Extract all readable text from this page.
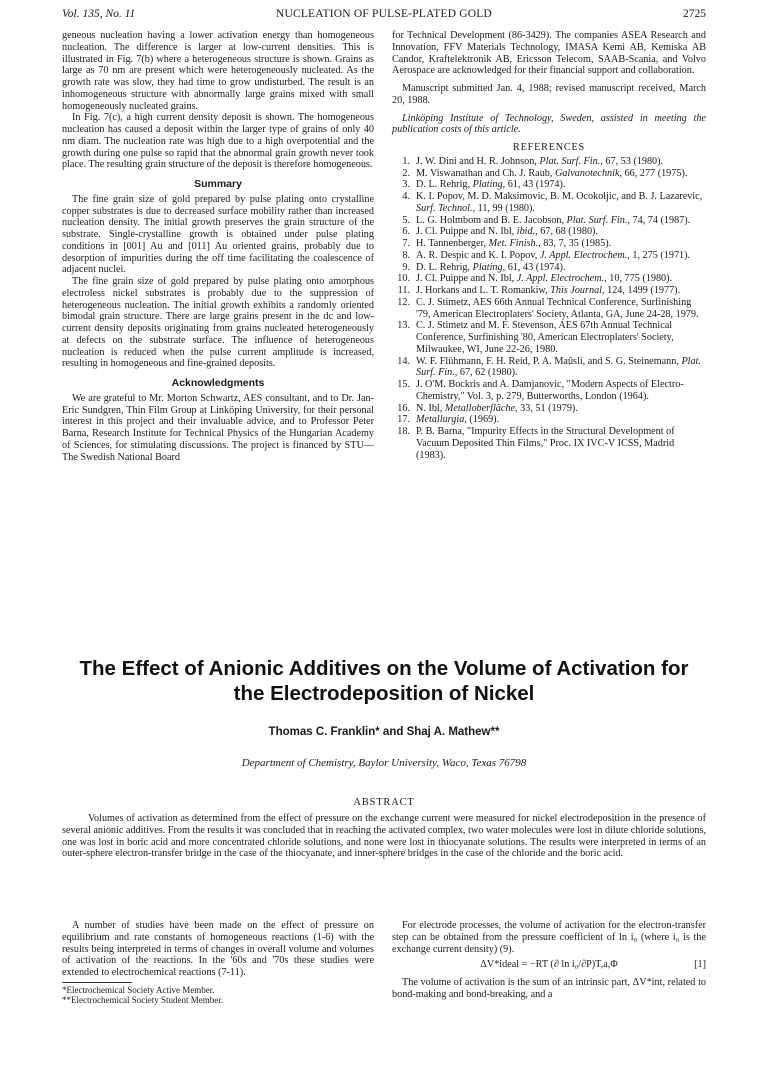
Vol. 135, No. 11	NUCLEATION OF PULSE-PLATED GOLD	2725

geneous nucleation having a lower activation energy than homogeneous nucleation. The difference is larger at low-current densities. This is illustrated in Fig. 7(b) where a heterogeneous structure is shown. Grains as large as 70 nm are present which were heterogeneously nucleated. As the growth rate was slow, they had time to grow undisturbed. The result is an inhomogeneous structure with abnormally large grains mixed with small homogeneously nucleated grains.

In Fig. 7(c), a high current density deposit is shown. The homogeneous nucleation has caused a deposit within the larger type of grains of only 40 nm diam. The nucleation rate was high due to a high overpotential and the growth during one pulse so rapid that the abnormal grain growth never took place. The resulting grain structure of the deposit is therefore homogeneous.

Summary

The fine grain size of gold prepared by pulse plating onto crystalline copper substrates is due to decreased surface mobility rather than increased nucleation density. The initial growth preserves the grain structure of the substrate. Single-crystalline growth is obtained under pulse plating conditions in [001] Au and [011] Au oriented grains, probably due to desorption of impurities during the off time facilitating the coalescence of adjacent nuclei.

The fine grain size of gold prepared by pulse plating onto amorphous electroless nickel substrates is probably due to the suppression of heterogeneous nucleation. The initial growth exhibits a randomly oriented bimodal grain structure. There are large grains present in the dc and low-current density deposits originating from grains nucleated heterogeneously at defects on the substrate surface. The influence of heterogeneous nucleation is reduced when the pulse current amplitude is increased, resulting in homogeneous and fine-grained deposits.

Acknowledgments

We are grateful to Mr. Morton Schwartz, AES consultant, and to Dr. Jan-Eric Sundgren, Thin Film Group at Linköping University, for their personal interest in this project and their invaluable advice, and to Professor Peter Barna, Research Institute for Technical Physics of the Hungarian Academy of Sciences, for stimulating discussions. The project is financed by STU—The Swedish National Board

for Technical Development (86-3429). The companies ASEA Research and Innovation, FFV Materials Technology, IMASA Kemi AB, Kemiska AB Candor, Kraftelektronik AB, Ericsson Telecom, SAAB-Scania, and Volvo Aerospace are acknowledged for their financial support and collaboration.

Manuscript submitted Jan. 4, 1988; revised manuscript received, March 20, 1988.

Linköping Institute of Technology, Sweden, assisted in meeting the publication costs of this article.

REFERENCES
1. J. W. Dini and H. R. Johnson, Plat. Surf. Fin., 67, 53 (1980).
2. M. Viswanathan and Ch. J. Raub, Galvanotechnik, 66, 277 (1975).
3. D. L. Rehrig, Plating, 61, 43 (1974).
4. K. I. Popov, M. D. Maksimovic, B. M. Ocokoljic, and B. J. Lazarevic, Surf. Technol., 11, 99 (1980).
5. L. G. Holmbom and B. E. Jacobson, Plat. Surf. Fin., 74, 74 (1987).
6. J. Cl. Puippe and N. Ibl, ibid., 67, 68 (1980).
7. H. Tannenberger, Met. Finish., 83, 7, 35 (1985).
8. A. R. Despic and K. I. Popov, J. Appl. Electrochem., 1, 275 (1971).
9. D. L. Rehrig, Plating, 61, 43 (1974).
10. J. Cl. Puippe and N. Ibl, J. Appl. Electrochem., 10, 775 (1980).
11. J. Horkans and L. T. Romankiw, This Journal, 124, 1499 (1977).
12. C. J. Stimetz, AES 66th Annual Technical Conference, Surfinishing '79, American Electroplaters' Society, Atlanta, GA, June 24-28, 1979.
13. C. J. Stimetz and M. F. Stevenson, AES 67th Annual Technical Conference, Surfinishing '80, American Electroplaters' Society, Milwaukee, WI, June 22-26, 1980.
14. W. F. Flühmann, F. H. Reid, P. A. Maûsli, and S. G. Steinemann, Plat. Surf. Fin., 67, 62 (1980).
15. J. O'M. Bockris and A. Damjanovic, "Modern Aspects of Electro-Chemistry," Vol. 3, p. 279, Butterworths, London (1964).
16. N. Ibl, Metalloberfläche, 33, 51 (1979).
17. Metallurgia, (1969).
18. P. B. Barna, "Impurity Effects in the Structural Development of Vacuum Deposited Thin Films," Proc. IX IVC-V ICSS, Madrid (1983).
The Effect of Anionic Additives on the Volume of Activation for
the Electrodeposition of Nickel
Thomas C. Franklin* and Shaj A. Mathew**
Department of Chemistry, Baylor University, Waco, Texas 76798
ABSTRACT

Volumes of activation as determined from the effect of pressure on the exchange current were measured for nickel electrodeposition in the presence of several anionic additives. From the results it was concluded that in reaching the activated complex, two water molecules were lost in dilute chloride solutions, one was lost in boric acid and more concentrated chloride solutions, and none were lost in thiocyanate solutions. The results were interpreted in terms of an outer-sphere electron-transfer bridge in the case of the thiocyanate, and inner-sphere bridges in the case of the chloride and the boric acid.

A number of studies have been made on the effect of pressure on equilibrium and rate constants of homogeneous reactions (1-6) with the results being interpreted in terms of changes in overall volume and volumes of activation of the reactions. In the '60s and '70s these studies were extended to electrochemical reactions (7-11).

*Electrochemical Society Active Member.

**Electrochemical Society Student Member.

For electrode processes, the volume of activation for the electron-transfer step can be obtained from the pressure coefficient of ln i₀ (where i₀ is the exchange current density) (9).

ΔV*ideal = −RT (∂ ln i₀/∂P)T,a,Φ	[1]

The volume of activation is the sum of an intrinsic part, ΔV*int, related to bond-making and bond-breaking, and a
